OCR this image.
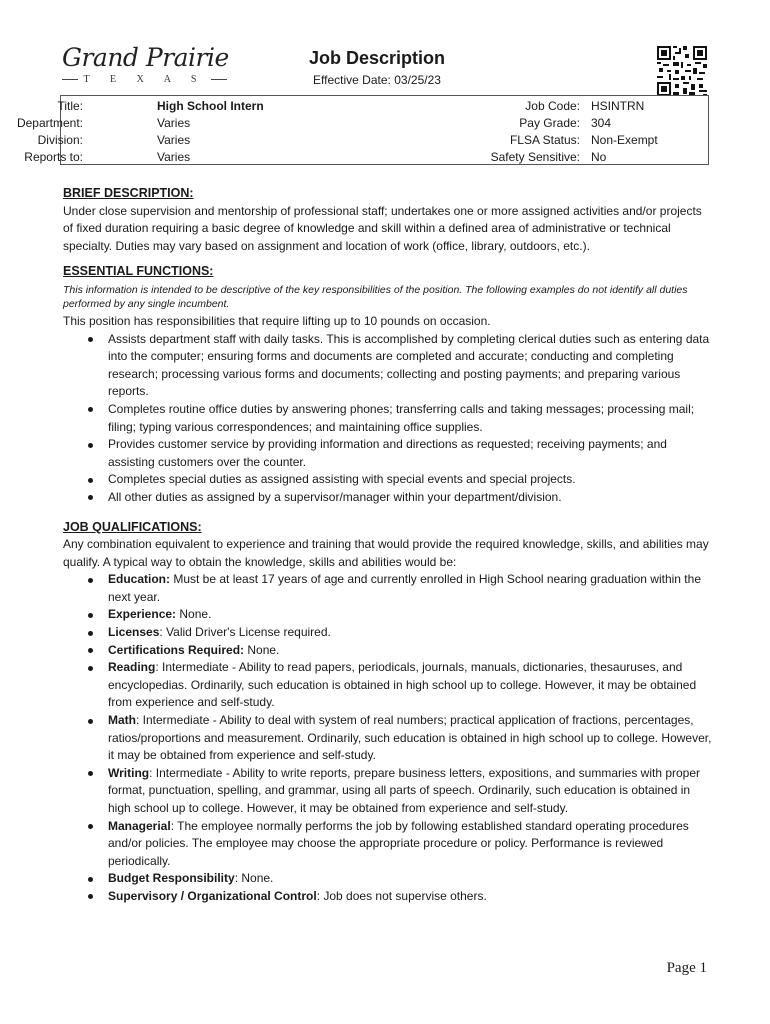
Grand Prairie
T E X A S
Job Description
Effective Date: 03/25/23
Title:	High School Intern	Job Code: HSINTRN
Department:	Varies	Pay Grade: 304
Division:	Varies	FLSA Status: Non-Exempt
Reports to:	Varies	Safety Sensitive: No
BRIEF DESCRIPTION:

Under close supervision and mentorship of professional staff; undertakes one or more assigned activities and/or projects of fixed duration requiring a basic degree of knowledge and skill within a defined area of administrative or technical specialty. Duties may vary based on assignment and location of work (office, library, outdoors, etc.).

ESSENTIAL FUNCTIONS:

This information is intended to be descriptive of the key responsibilities of the position. The following examples do not identify all duties performed by any single incumbent.

This position has responsibilities that require lifting up to 10 pounds on occasion.

Assists department staff with daily tasks. This is accomplished by completing clerical duties such as entering data into the computer; ensuring forms and documents are completed and accurate; conducting and completing research; processing various forms and documents; collecting and posting payments; and preparing various reports.
Completes routine office duties by answering phones; transferring calls and taking messages; processing mail; filing; typing various correspondences; and maintaining office supplies.
Provides customer service by providing information and directions as requested; receiving payments; and assisting customers over the counter.
Completes special duties as assigned assisting with special events and special projects.
All other duties as assigned by a supervisor/manager within your department/division.
JOB QUALIFICATIONS:

Any combination equivalent to experience and training that would provide the required knowledge, skills, and abilities may qualify. A typical way to obtain the knowledge, skills and abilities would be:

Education: Must be at least 17 years of age and currently enrolled in High School nearing graduation within the next year.
Experience: None.
Licenses: Valid Driver's License required.
Certifications Required: None.
Reading: Intermediate - Ability to read papers, periodicals, journals, manuals, dictionaries, thesauruses, and encyclopedias. Ordinarily, such education is obtained in high school up to college. However, it may be obtained from experience and self-study.
Math: Intermediate - Ability to deal with system of real numbers; practical application of fractions, percentages, ratios/proportions and measurement. Ordinarily, such education is obtained in high school up to college. However, it may be obtained from experience and self-study.
Writing: Intermediate - Ability to write reports, prepare business letters, expositions, and summaries with proper format, punctuation, spelling, and grammar, using all parts of speech. Ordinarily, such education is obtained in high school up to college. However, it may be obtained from experience and self-study.
Managerial: The employee normally performs the job by following established standard operating procedures and/or policies. The employee may choose the appropriate procedure or policy. Performance is reviewed periodically.
Budget Responsibility: None.
Supervisory / Organizational Control: Job does not supervise others.
Page 1
